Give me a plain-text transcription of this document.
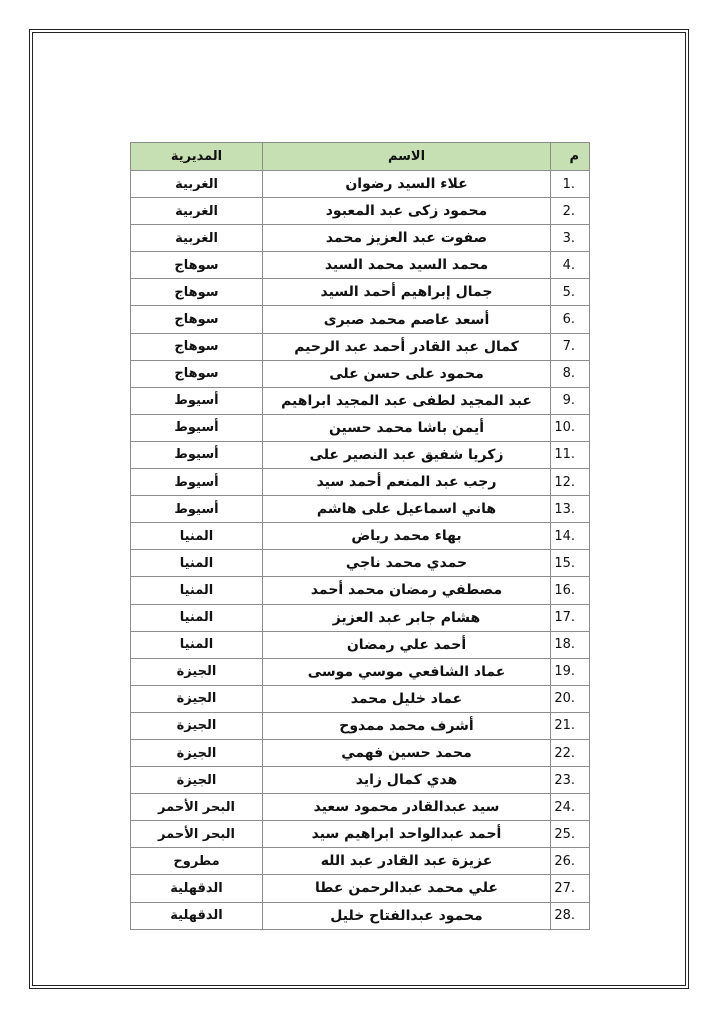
م	الاسم	المديرية
1.	علاء السيد رضوان	الغربية
2.	محمود زكى عبد المعبود	الغربية
3.	صفوت عبد العزيز محمد	الغربية
4.	محمد السيد محمد السيد	سوهاج
5.	جمال إبراهيم أحمد السيد	سوهاج
6.	أسعد عاصم محمد صبرى	سوهاج
7.	كمال عبد القادر أحمد عبد الرحيم	سوهاج
8.	محمود على حسن على	سوهاج
9.	عبد المجيد لطفى عبد المجيد ابراهيم	أسيوط
10.	أيمن باشا محمد حسين	أسيوط
11.	زكريا شفيق عبد النصير على	أسيوط
12.	رجب عبد المنعم أحمد سيد	أسيوط
13.	هاني اسماعيل على هاشم	أسيوط
14.	بهاء محمد رياض	المنيا
15.	حمدي محمد ناجي	المنيا
16.	مصطفي رمضان محمد أحمد	المنيا
17.	هشام جابر عبد العزيز	المنيا
18.	أحمد علي رمضان	المنيا
19.	عماد الشافعي موسي موسى	الجيزة
20.	عماد خليل محمد	الجيزة
21.	أشرف محمد ممدوح	الجيزة
22.	محمد حسين فهمي	الجيزة
23.	هدي كمال زايد	الجيزة
24.	سيد عبدالقادر محمود سعيد	البحر الأحمر
25.	أحمد عبدالواحد ابراهيم سيد	البحر الأحمر
26.	عزيزة عبد القادر عبد الله	مطروح
27.	علي محمد عبدالرحمن عطا	الدقهلية
28.	محمود عبدالفتاح خليل	الدقهلية
